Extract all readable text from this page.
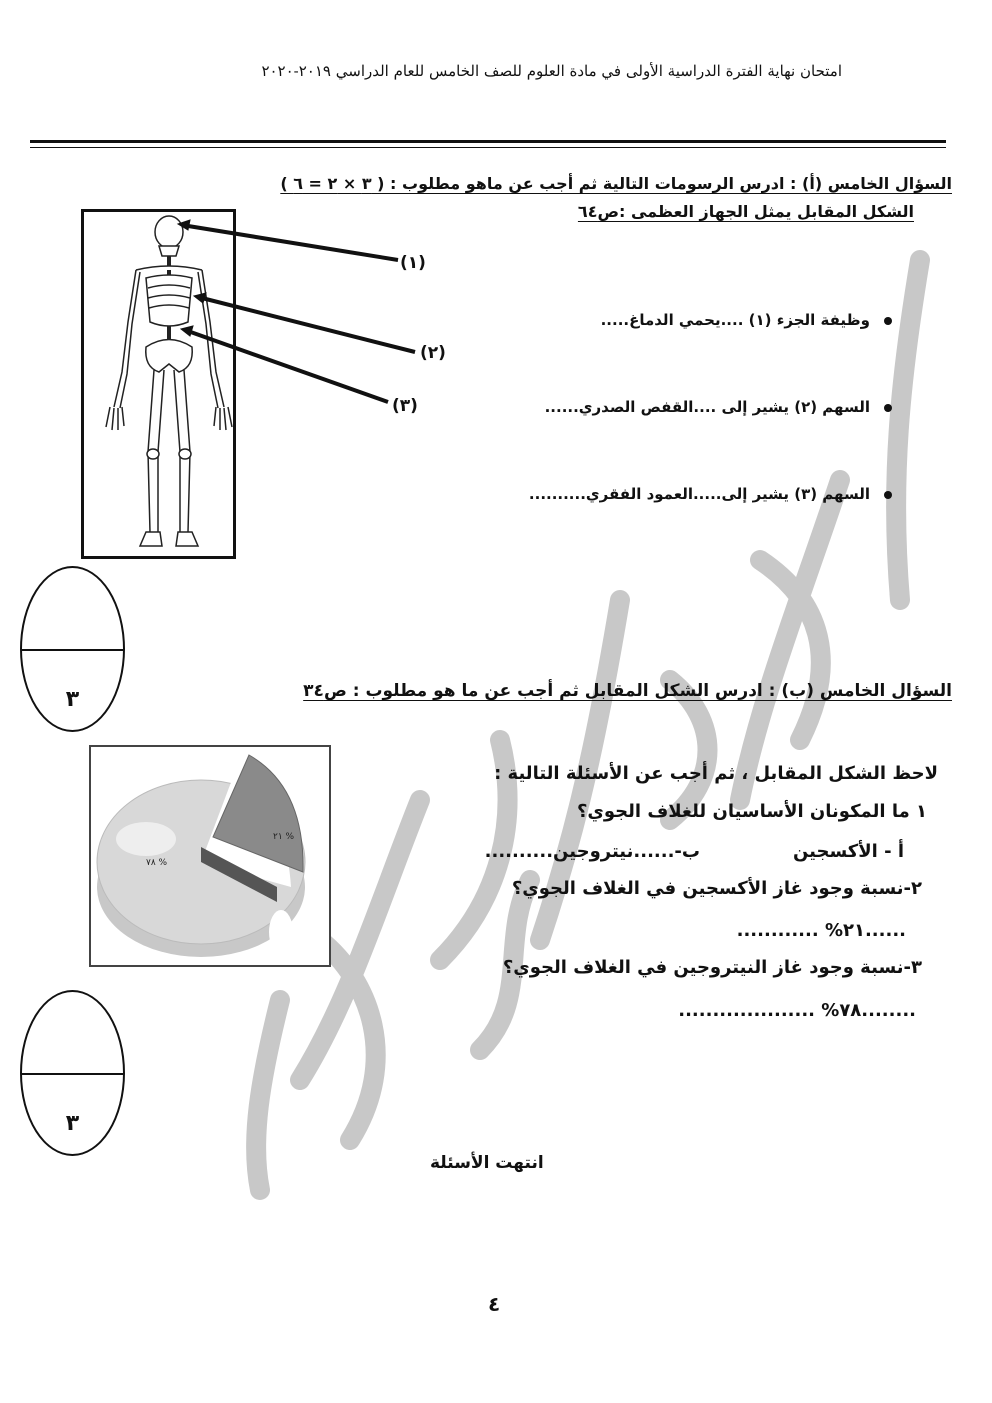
امتحان نهاية الفترة الدراسية الأولى في مادة العلوم للصف الخامس للعام الدراسي ٢٠١٩-٢٠٢٠
السؤال الخامس (أ) : ادرس الرسومات التالية ثم أجب عن ماهو مطلوب : ( ٣ × ٢ = ٦ )
الشكل المقابل يمثل الجهاز العظمى :ص٦٤
(١)
(٢)
(٣)
وظيفة الجزء (١) ....يحمي الدماغ.....
السهم (٢) يشير إلى ....القفص الصدري......
السهم (٣) يشير إلى.....العمود الفقري..........
٣	السؤال الخامس (ب) : ادرس الشكل المقابل ثم أجب عن ما هو مطلوب : ص٣٤
٢١ %
٧٨ %
لاحظ الشكل المقابل ، ثم أجب عن الأسئلة التالية :
١ ما المكونان الأساسيان للغلاف الجوي؟
أ - الأكسجين
ب-......نيتروجين..........
٢-نسبة وجود غاز الأكسجين في الغلاف الجوي؟
......٢١% ............
٣-نسبة وجود غاز النيتروجين في الغلاف الجوي؟
........٧٨% ....................
٣
انتهت الأسئلة
٤
